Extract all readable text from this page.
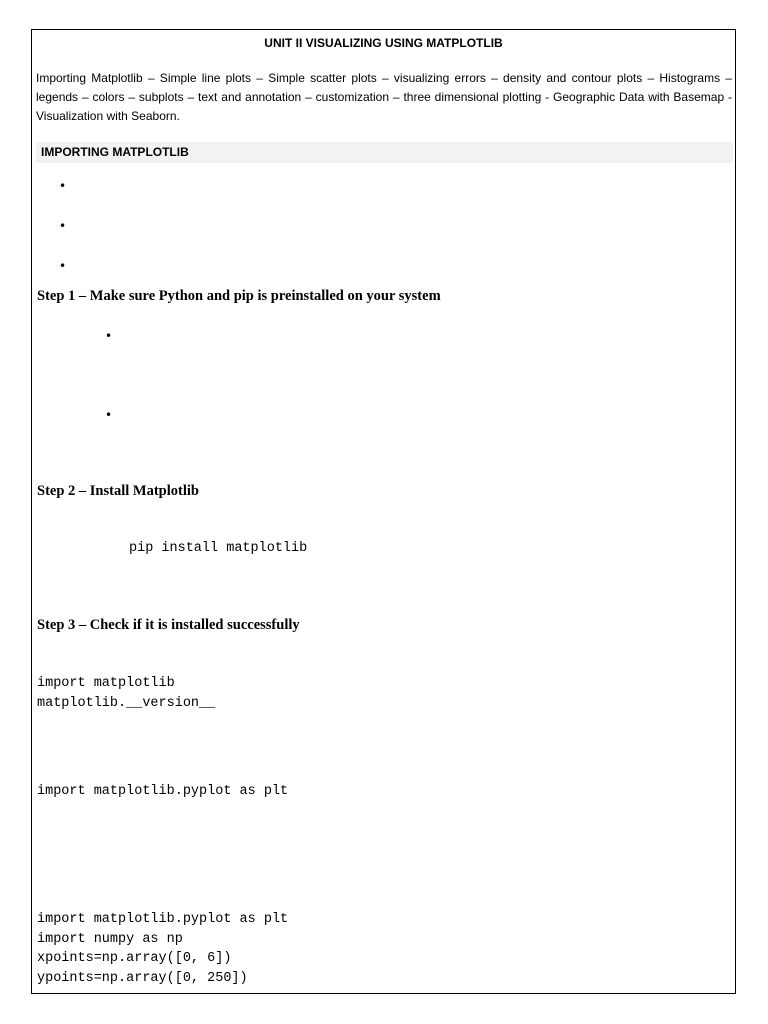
UNIT II VISUALIZING USING MATPLOTLIB
Importing Matplotlib – Simple line plots – Simple scatter plots – visualizing errors – density and contour plots – Histograms – legends – colors – subplots – text and annotation – customization – three dimensional plotting - Geographic Data with Basemap - Visualization with Seaborn.
IMPORTING MATPLOTLIB
•
•
•
Step 1 – Make sure Python and pip is preinstalled on your system
•
•
Step 2 – Install Matplotlib
pip install matplotlib
Step 3 – Check if it is installed successfully
import matplotlib
matplotlib.__version__
import matplotlib.pyplot as plt
import matplotlib.pyplot as plt
import numpy as np
xpoints=np.array([0, 6])
ypoints=np.array([0, 250])
